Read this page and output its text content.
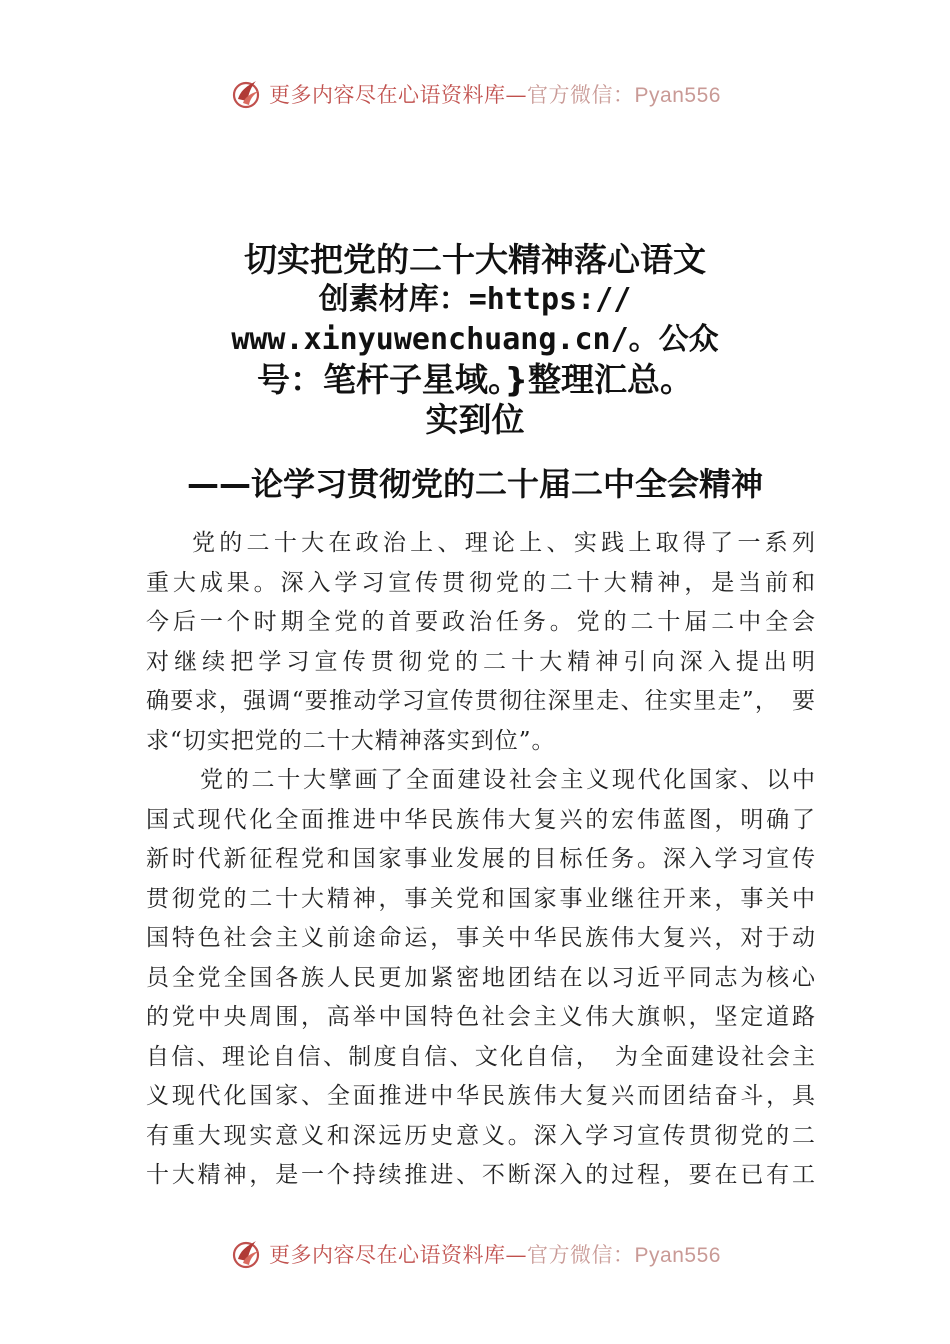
更多内容尽在心语资料库—官方微信：Pyan556
切实把党的二十大精神落心语文
创素材库：=https://
www.xinyuwenchuang.cn/。公众
号：笔杆子星域。}整理汇总。
实到位
——论学习贯彻党的二十届二中全会精神
党的二十大在政治上、理论上、实践上取得了一系列
重大成果。深入学习宣传贯彻党的二十大精神，是当前和
今后一个时期全党的首要政治任务。党的二十届二中全会
对继续把学习宣传贯彻党的二十大精神引向深入提出明
确要求，强调“要推动学习宣传贯彻往深里走、往实里走”，　要
求“切实把党的二十大精神落实到位”。
党的二十大擘画了全面建设社会主义现代化国家、以中
国式现代化全面推进中华民族伟大复兴的宏伟蓝图，明确了
新时代新征程党和国家事业发展的目标任务。深入学习宣传
贯彻党的二十大精神，事关党和国家事业继往开来，事关中
国特色社会主义前途命运，事关中华民族伟大复兴，对于动
员全党全国各族人民更加紧密地团结在以习近平同志为核心
的党中央周围，高举中国特色社会主义伟大旗帜，坚定道路
自信、理论自信、制度自信、文化自信，　为全面建设社会主
义现代化国家、全面推进中华民族伟大复兴而团结奋斗，具
有重大现实意义和深远历史意义。深入学习宣传贯彻党的二
十大精神，是一个持续推进、不断深入的过程，要在已有工
更多内容尽在心语资料库—官方微信：Pyan556
